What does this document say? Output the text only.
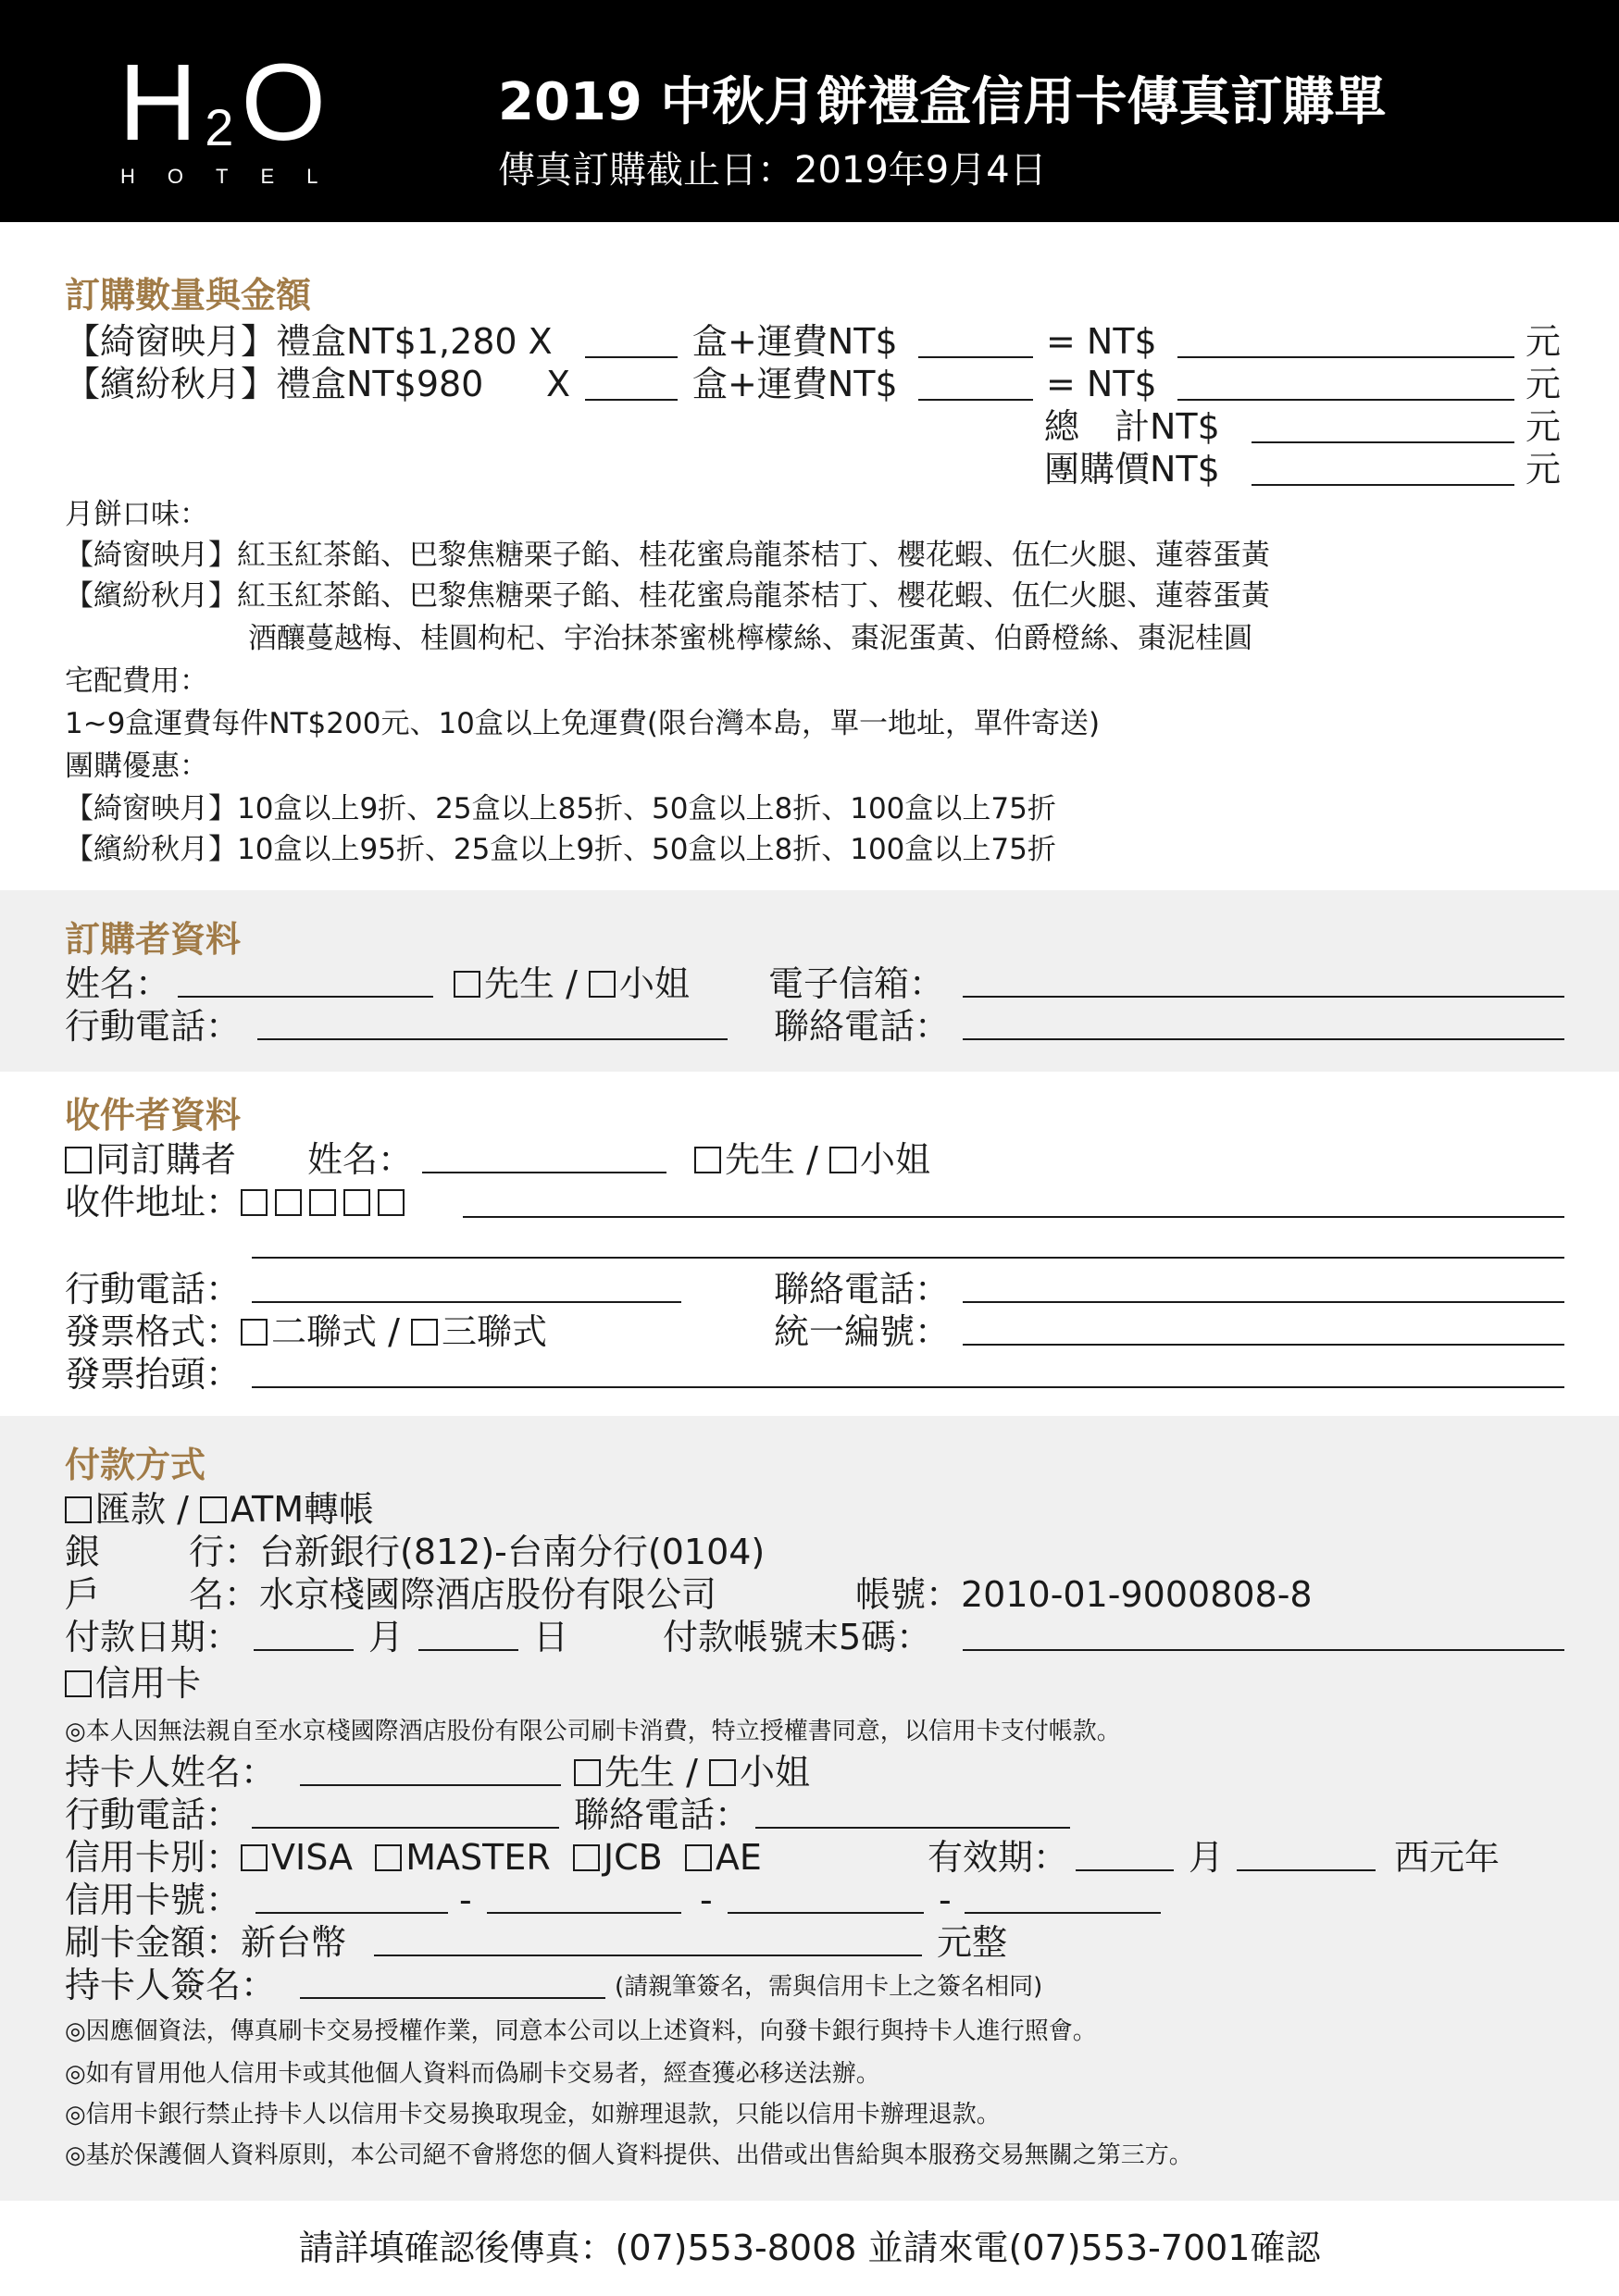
H2O
HOTEL
2019 中秋月餅禮盒信用卡傳真訂購單
傳真訂購截止日：2019年9月4日
訂購數量與金額
【綺窗映月】禮盒NT$1,280 X	盒+運費NT$	= NT$	元
【繽紛秋月】禮盒NT$980 X	盒+運費NT$	= NT$	元
總　計NT$	元
團購價NT$	元
月餅口味：
【綺窗映月】紅玉紅茶餡、巴黎焦糖栗子餡、桂花蜜烏龍茶桔丁、櫻花蝦、伍仁火腿、蓮蓉蛋黃
【繽紛秋月】紅玉紅茶餡、巴黎焦糖栗子餡、桂花蜜烏龍茶桔丁、櫻花蝦、伍仁火腿、蓮蓉蛋黃
酒釀蔓越梅、桂圓枸杞、宇治抹茶蜜桃檸檬絲、棗泥蛋黃、伯爵橙絲、棗泥桂圓
宅配費用：
1~9盒運費每件NT$200元、10盒以上免運費(限台灣本島，單一地址，單件寄送)
團購優惠：
【綺窗映月】10盒以上9折、25盒以上85折、50盒以上8折、100盒以上75折
【繽紛秋月】10盒以上95折、25盒以上9折、50盒以上8折、100盒以上75折
訂購者資料
姓名：	先生 / 小姐 電子信箱：
行動電話：	聯絡電話：
收件者資料
同訂購者 姓名：	先生 / 小姐
收件地址：
行動電話：	聯絡電話：
發票格式： 二聯式 / 三聯式	統一編號：
發票抬頭：
付款方式
匯款 / ATM轉帳
銀	行：台新銀行(812)-台南分行(0104)
戶	名：水京棧國際酒店股份有限公司	帳號：2010-01-9000808-8
付款日期：	月	日	付款帳號末5碼：
信用卡
◎本人因無法親自至水京棧國際酒店股份有限公司刷卡消費，特立授權書同意，以信用卡支付帳款。
持卡人姓名：	先生 / 小姐
行動電話：	聯絡電話：
信用卡別： VISA MASTER JCB AE	有效期：	月	西元年
信用卡號：	-	-	-
刷卡金額：新台幣	元整
持卡人簽名：	(請親筆簽名，需與信用卡上之簽名相同)
◎因應個資法，傳真刷卡交易授權作業，同意本公司以上述資料，向發卡銀行與持卡人進行照會。
◎如有冒用他人信用卡或其他個人資料而偽刷卡交易者，經查獲必移送法辦。
◎信用卡銀行禁止持卡人以信用卡交易換取現金，如辦理退款，只能以信用卡辦理退款。
◎基於保護個人資料原則，本公司絕不會將您的個人資料提供、出借或出售給與本服務交易無關之第三方。
請詳填確認後傳真：(07)553-8008 並請來電(07)553-7001確認
